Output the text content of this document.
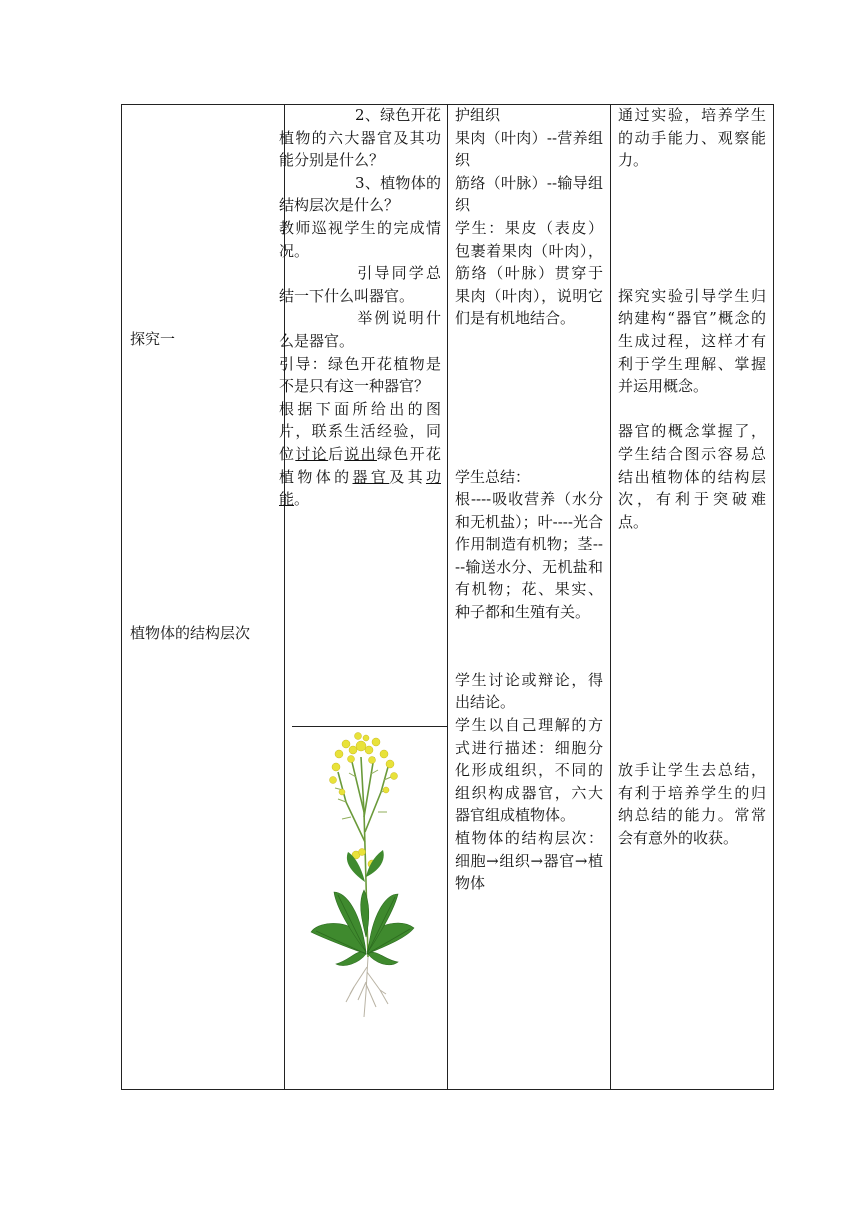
探究一
植物体的结构层次

2、绿色开花植物的六大器官及其功能分别是什么？

3、植物体的结构层次是什么？

教师巡视学生的完成情况。

引导同学总结一下什么叫器官。

举例说明什么是器官。

引导：绿色开花植物是不是只有这一种器官？

根据下面所给出的图片，联系生活经验，同位讨论后说出绿色开花植物体的器官及其功能。

护组织

果肉（叶肉）--营养组织

筋络（叶脉）--输导组织

学生：果皮（表皮）包裹着果肉（叶肉），筋络（叶脉）贯穿于果肉（叶肉），说明它们是有机地结合。

学生总结：

根----吸收营养（水分和无机盐）；叶----光合作用制造有机物；茎----输送水分、无机盐和有机物；花、果实、种子都和生殖有关。

学生讨论或辩论，得出结论。

学生以自己理解的方式进行描述：细胞分化形成组织，不同的组织构成器官，六大器官组成植物体。

植物体的结构层次：细胞→组织→器官→植物体

通过实验，培养学生的动手能力、观察能力。

探究实验引导学生归纳建构“器官”概念的生成过程，这样才有利于学生理解、掌握并运用概念。

器官的概念掌握了，学生结合图示容易总结出植物体的结构层次，有利于突破难点。

放手让学生去总结，有利于培养学生的归纳总结的能力。常常会有意外的收获。
